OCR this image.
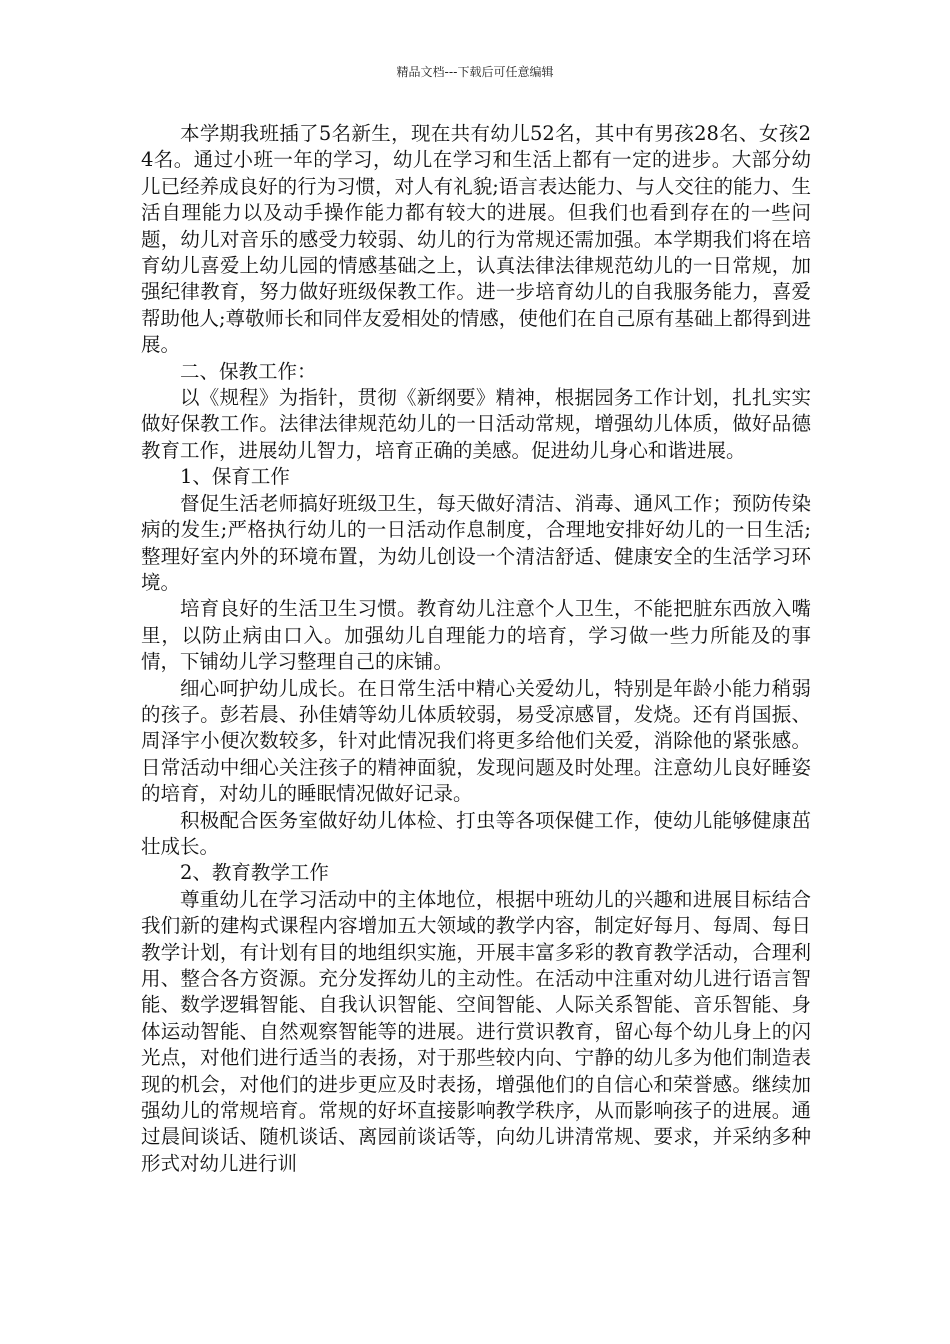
精品文档---下载后可任意编辑

本学期我班插了5名新生，现在共有幼儿52名，其中有男孩28名、女孩24名。通过小班一年的学习，幼儿在学习和生活上都有一定的进步。大部分幼儿已经养成良好的行为习惯，对人有礼貌;语言表达能力、与人交往的能力、生活自理能力以及动手操作能力都有较大的进展。但我们也看到存在的一些问题，幼儿对音乐的感受力较弱、幼儿的行为常规还需加强。本学期我们将在培育幼儿喜爱上幼儿园的情感基础之上，认真法律法律规范幼儿的一日常规，加强纪律教育，努力做好班级保教工作。进一步培育幼儿的自我服务能力，喜爱帮助他人;尊敬师长和同伴友爱相处的情感，使他们在自己原有基础上都得到进展。

二、保教工作：

以《规程》为指针，贯彻《新纲要》精神，根据园务工作计划，扎扎实实做好保教工作。法律法律规范幼儿的一日活动常规，增强幼儿体质，做好品德教育工作，进展幼儿智力，培育正确的美感。促进幼儿身心和谐进展。

1、保育工作

督促生活老师搞好班级卫生，每天做好清洁、消毒、通风工作；预防传染病的发生;严格执行幼儿的一日活动作息制度，合理地安排好幼儿的一日生活;整理好室内外的环境布置，为幼儿创设一个清洁舒适、健康安全的生活学习环境。

培育良好的生活卫生习惯。教育幼儿注意个人卫生，不能把脏东西放入嘴里，以防止病由口入。加强幼儿自理能力的培育，学习做一些力所能及的事情，下铺幼儿学习整理自己的床铺。

细心呵护幼儿成长。在日常生活中精心关爱幼儿，特别是年龄小能力稍弱的孩子。彭若晨、孙佳婧等幼儿体质较弱，易受凉感冒，发烧。还有肖国振、周泽宇小便次数较多，针对此情况我们将更多给他们关爱，消除他的紧张感。日常活动中细心关注孩子的精神面貌，发现问题及时处理。注意幼儿良好睡姿的培育，对幼儿的睡眠情况做好记录。

积极配合医务室做好幼儿体检、打虫等各项保健工作，使幼儿能够健康茁壮成长。

2、教育教学工作

尊重幼儿在学习活动中的主体地位，根据中班幼儿的兴趣和进展目标结合我们新的建构式课程内容增加五大领域的教学内容，制定好每月、每周、每日教学计划，有计划有目的地组织实施，开展丰富多彩的教育教学活动，合理利用、整合各方资源。充分发挥幼儿的主动性。在活动中注重对幼儿进行语言智能、数学逻辑智能、自我认识智能、空间智能、人际关系智能、音乐智能、身体运动智能、自然观察智能等的进展。进行赏识教育，留心每个幼儿身上的闪光点，对他们进行适当的表扬，对于那些较内向、宁静的幼儿多为他们制造表现的机会，对他们的进步更应及时表扬，增强他们的自信心和荣誉感。继续加强幼儿的常规培育。常规的好坏直接影响教学秩序，从而影响孩子的进展。通过晨间谈话、随机谈话、离园前谈话等，向幼儿讲清常规、要求，并采纳多种形式对幼儿进行训
